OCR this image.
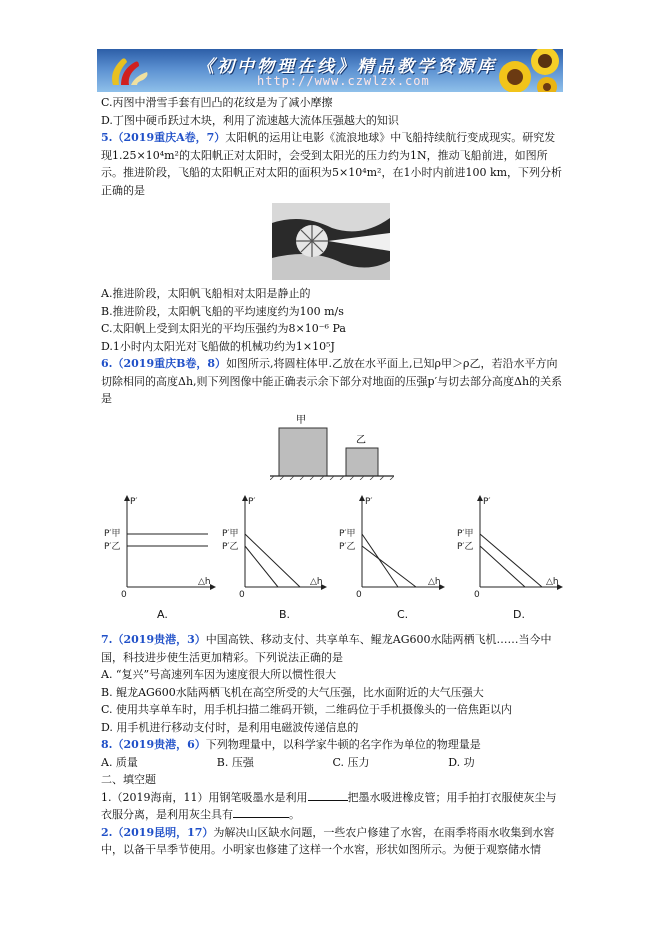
《初中物理在线》精品教学资源库
http://www.czwlzx.com

C.丙图中滑雪手套有凹凸的花纹是为了减小摩擦

D.丁图中硬币跃过木块，利用了流速越大流体压强越大的知识

5.（2019重庆A卷，7）太阳帆的运用让电影《流浪地球》中飞船持续航行变成现实。研究发现1.25×10⁴m²的太阳帆正对太阳时，会受到太阳光的压力约为1N，推动飞船前进，如图所示。推进阶段，飞船的太阳帆正对太阳的面积为5×10⁴m²，在1小时内前进100 km，下列分析正确的是

A.推进阶段，太阳帆飞船相对太阳是静止的

B.推进阶段，太阳帆飞船的平均速度约为100 m/s

C.太阳帆上受到太阳光的平均压强约为8×10⁻⁶ Pa

D.1小时内太阳光对飞船做的机械功约为1×10⁵J

6.（2019重庆B卷，8）如图所示,将圆柱体甲.乙放在水平面上,已知ρ甲＞ρ乙，若沿水平方向切除相同的高度Δh,则下列图像中能正确表示余下部分对地面的压强p′与切去部分高度Δh的关系是

甲
乙
P′
P′甲
P′乙
0
△h
P′
P′甲
P′乙
0
△h
P′
P′甲
P′乙
0
△h
P′
P′甲
P′乙
0
△h
A.	B.	C.	D.

7.（2019贵港，3）中国高铁、移动支付、共享单车、鲲龙AG600水陆两栖飞机……当今中国，科技进步使生活更加精彩。下列说法正确的是

A. “复兴”号高速列车因为速度很大所以惯性很大

B. 鲲龙AG600水陆两栖飞机在高空所受的大气压强，比水面附近的大气压强大

C. 使用共享单车时，用手机扫描二维码开锁，二维码位于手机摄像头的一倍焦距以内

D. 用手机进行移动支付时，是利用电磁波传递信息的

8.（2019贵港，6）下列物理量中，以科学家牛顿的名字作为单位的物理量是

A. 质量	B. 压强	C. 压力	D. 功

二、填空题

1.（2019海南，11）用钢笔吸墨水是利用	把墨水吸进橡皮管；用手拍打衣服使灰尘与衣服分离，是利用灰尘具有	。

2.（2019昆明，17）为解决山区缺水问题，一些农户修建了水窖，在雨季将雨水收集到水窖中，以备干旱季节使用。小明家也修建了这样一个水窖，形状如图所示。为便于观察储水情
